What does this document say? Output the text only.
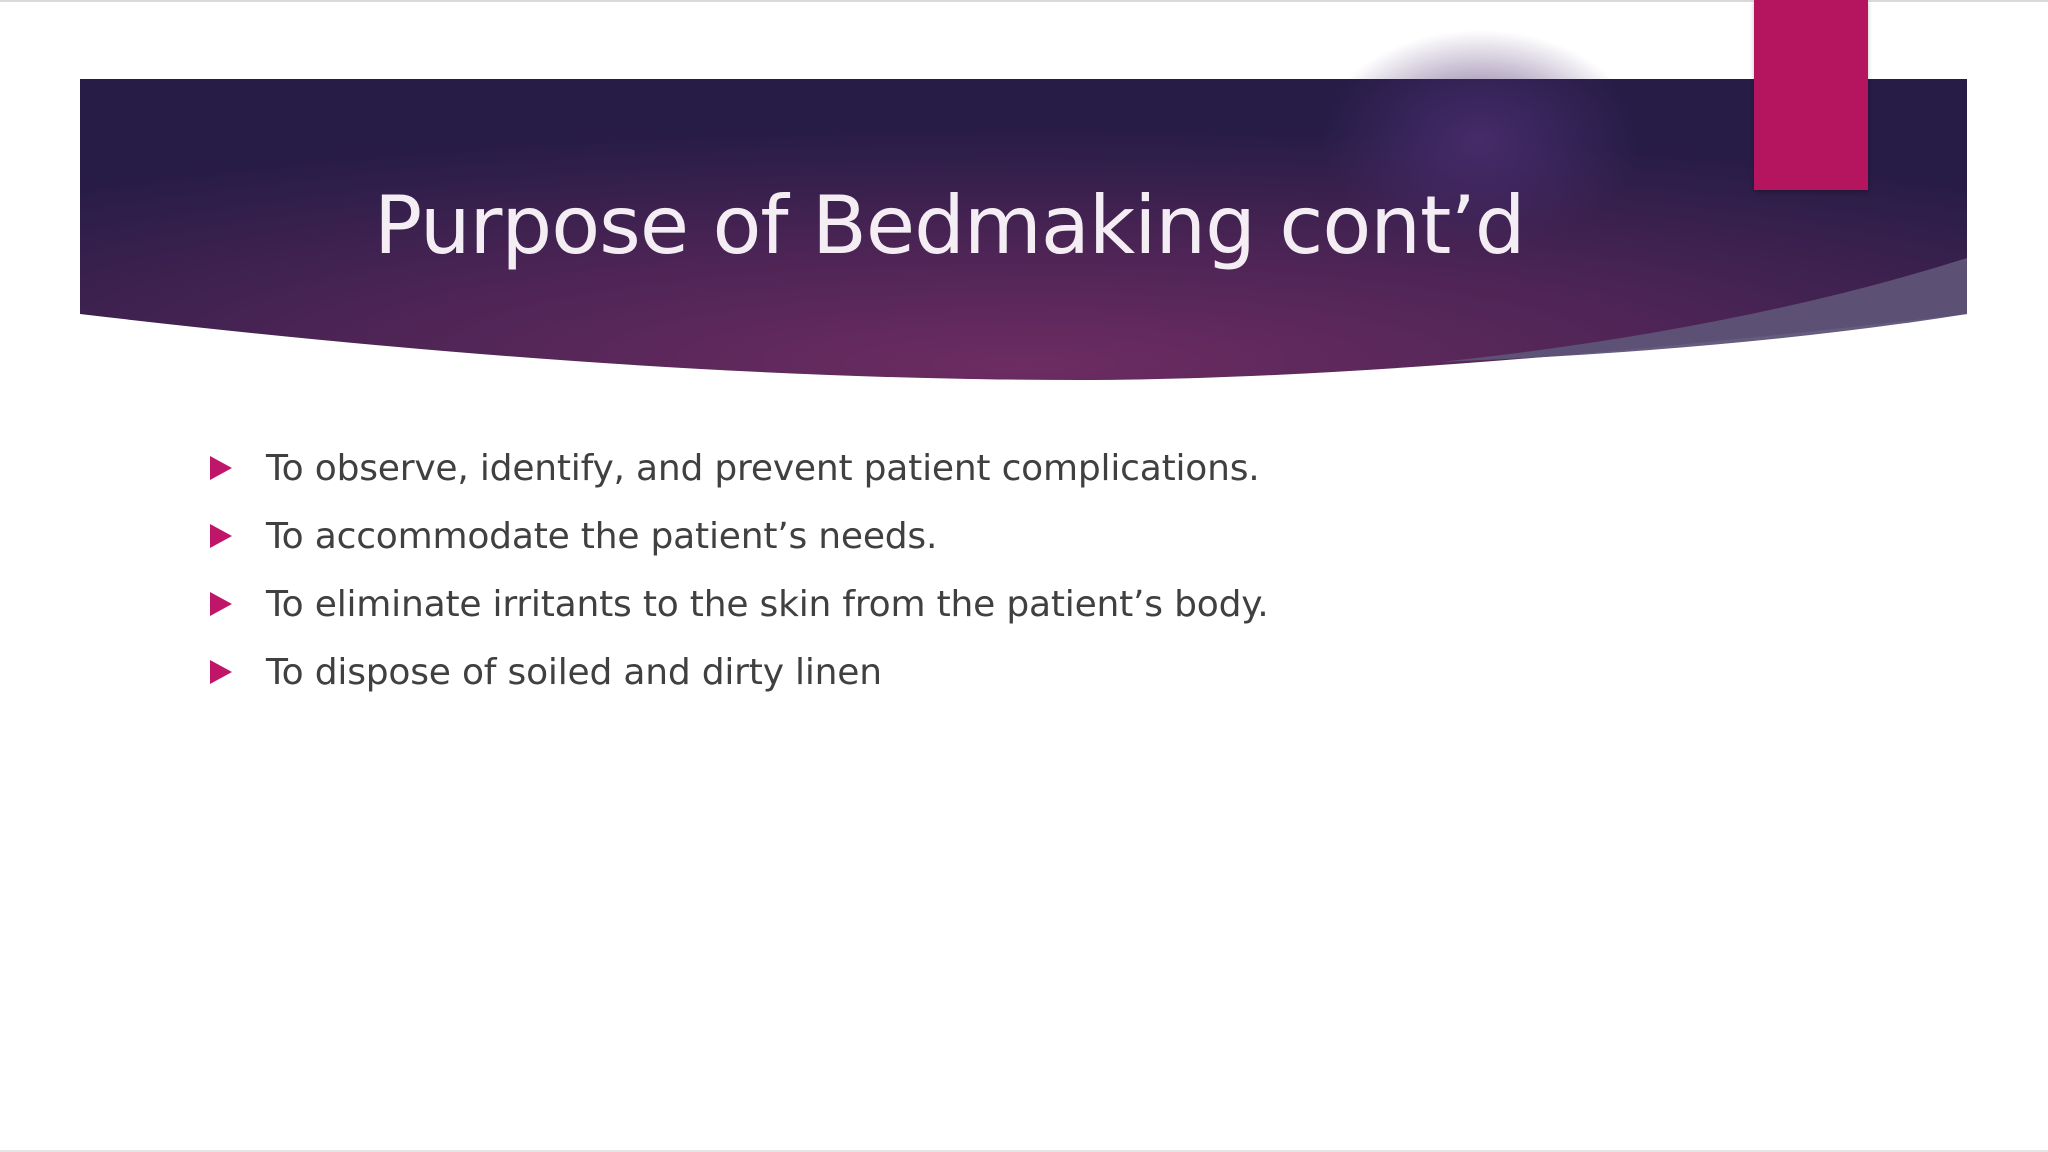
Purpose of Bedmaking cont’d
To observe, identify, and prevent patient complications.
To accommodate the patient’s needs.
To eliminate irritants to the skin from the patient’s body.
To dispose of soiled and dirty linen
